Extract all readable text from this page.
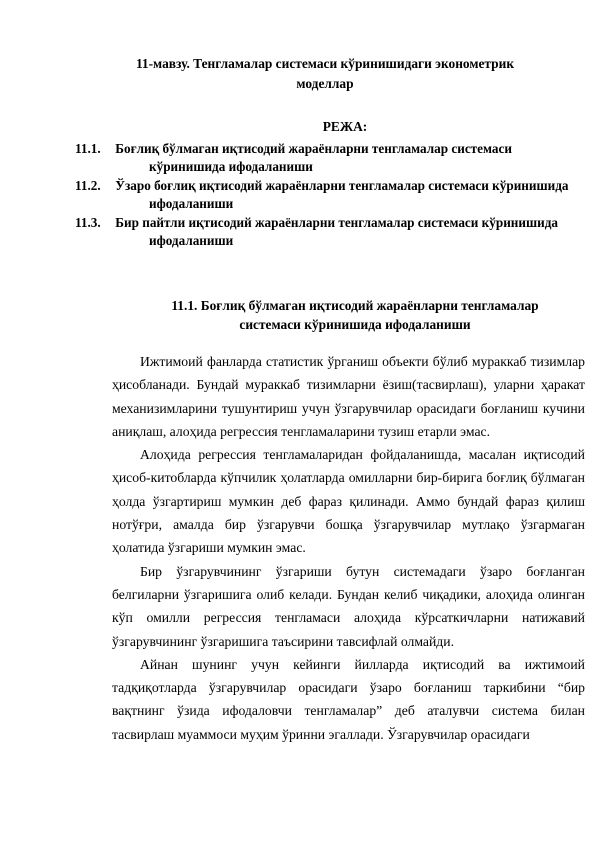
11-мавзу. Тенгламалар системаси кўринишидаги эконометрик
моделлар
РЕЖА:
11.1. Боғлиқ бўлмаган иқтисодий жараёнларни тенгламалар системаси кўринишида ифодаланиши
11.2. Ўзаро боғлиқ иқтисодий жараёнларни тенгламалар системаси кўринишида ифодаланиши
11.3. Бир пайтли иқтисодий жараёнларни тенгламалар системаси кўринишида ифодаланиши
11.1. Боғлиқ бўлмаган иқтисодий жараёнларни тенгламалар
системаси кўринишида ифодаланиши

Ижтимоий фанларда статистик ўрганиш объекти бўлиб мураккаб тизимлар ҳисобланади. Бундай мураккаб тизимларни ёзиш(тасвирлаш), уларни ҳаракат механизимларини тушунтириш учун ўзгарувчилар орасидаги боғланиш кучини аниқлаш, алоҳида регрессия тенгламаларини тузиш етарли эмас.

Алоҳида регрессия тенгламаларидан фойдаланишда, масалан иқтисодий ҳисоб-китобларда кўпчилик ҳолатларда омилларни бир-бирига боғлиқ бўлмаган ҳолда ўзгартириш мумкин деб фараз қилинади. Аммо бундай фараз қилиш нотўғри, амалда бир ўзгарувчи бошқа ўзгарувчилар мутлақо ўзгармаган ҳолатида ўзгариши мумкин эмас.

Бир ўзгарувчининг ўзгариши бутун системадаги ўзаро боғланган белгиларни ўзгаришига олиб келади. Бундан келиб чиқадики, алоҳида олинган кўп омилли регрессия тенгламаси алоҳида кўрсаткичларни натижавий ўзгарувчининг ўзгаришига таъсирини тавсифлай олмайди.

Айнан шунинг учун кейинги йилларда иқтисодий ва ижтимоий тадқиқотларда ўзгарувчилар орасидаги ўзаро боғланиш таркибини “бир вақтнинг ўзида ифодаловчи тенгламалар” деб аталувчи система билан тасвирлаш муаммоси муҳим ўринни эгаллади. Ўзгарувчилар орасидаги
